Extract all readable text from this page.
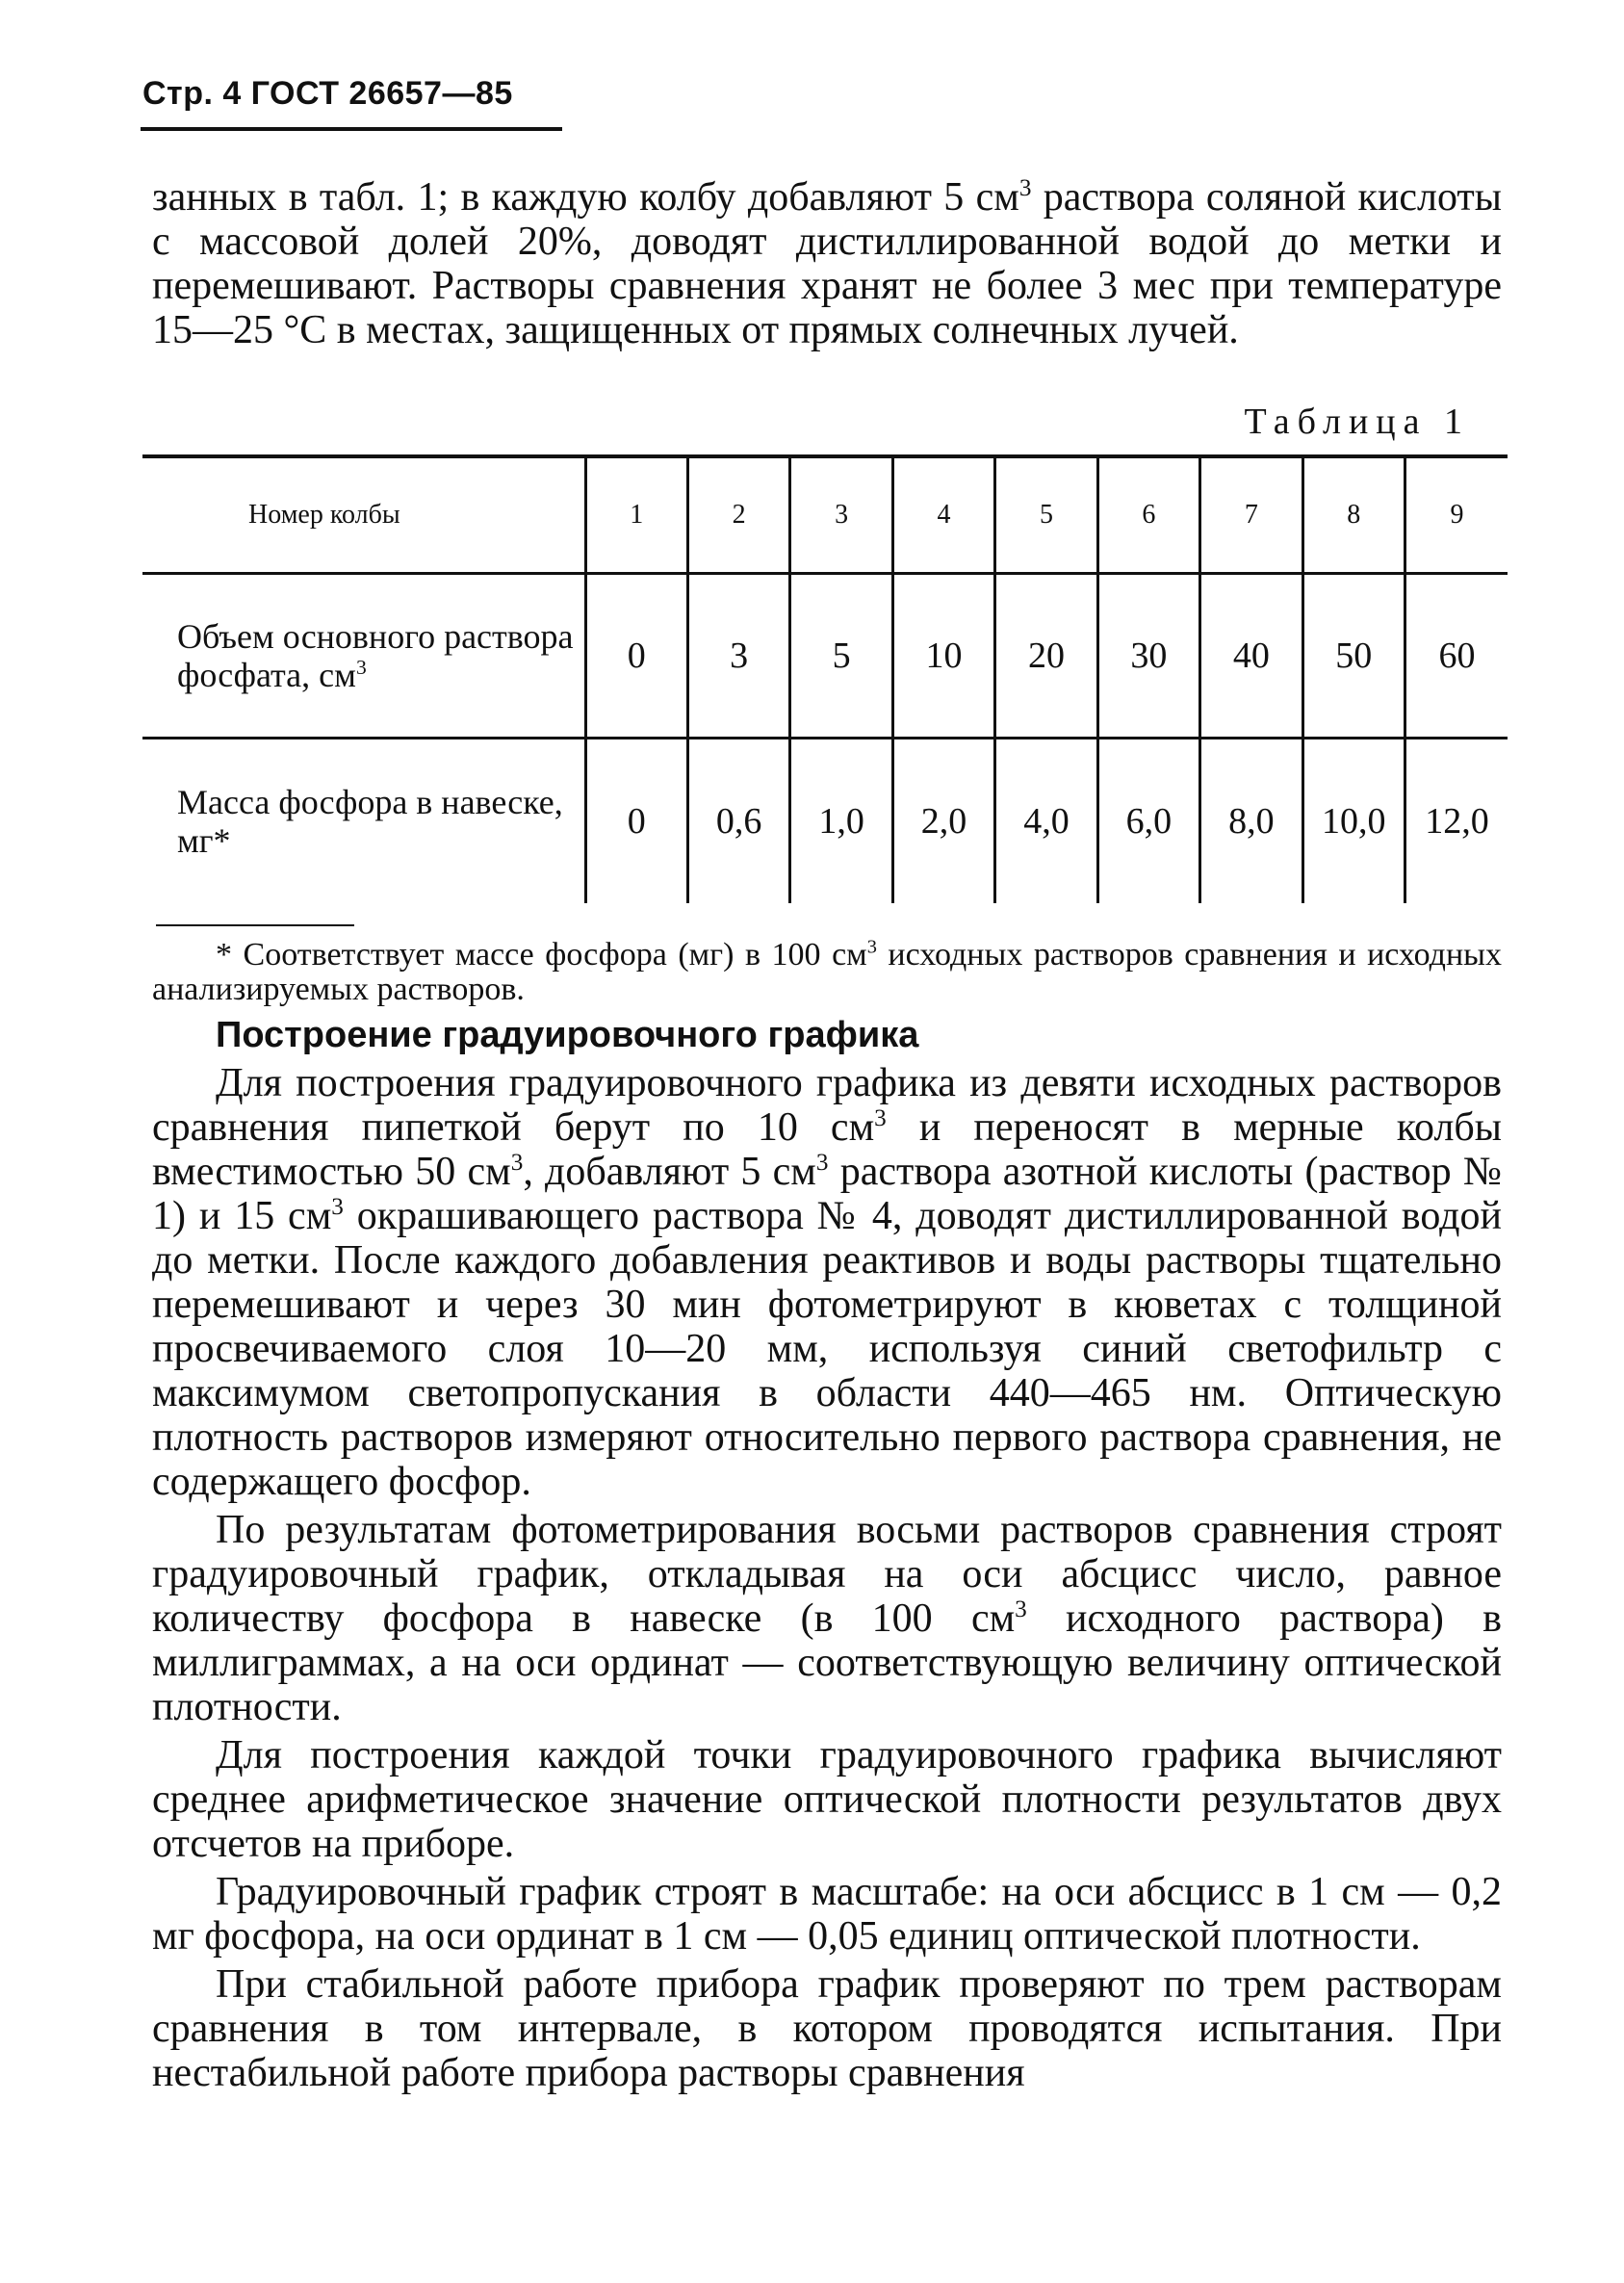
Стр. 4 ГОСТ 26657—85

занных в табл. 1; в каждую колбу добавляют 5 $см^3$ раствора соляной кислоты с массовой долей 20%, доводят дистиллированной водой до метки и перемешивают. Растворы сравнения хранят не более 3 мес при температуре 15—25 °С в местах, защищенных от прямых солнечных лучей.

Таблица 1
Номер колбы	1	2	3	4	5	6	7	8	9
Объем основного раствора фосфата, $см^3$	0	3	5	10	20	30	40	50	60
Масса фосфора в навеске, мг*	0	0,6	1,0	2,0	4,0	6,0	8,0	10,0	12,0
* Соответствует массе фосфора (мг) в 100 $см^3$ исходных растворов сравнения и исходных анализируемых растворов.
Построение градуировочного графика

Для построения градуировочного графика из девяти исходных растворов сравнения пипеткой берут по 10 $см^3$ и переносят в мерные колбы вместимостью 50 $см^3$, добавляют 5 $см^3$ раствора азотной кислоты (раствор № 1) и 15 $см^3$ окрашивающего раствора № 4, доводят дистиллированной водой до метки. После каждого добавления реактивов и воды растворы тщательно перемешивают и через 30 мин фотометрируют в кюветах с толщиной просвечиваемого слоя 10—20 мм, используя синий светофильтр с максимумом светопропускания в области 440—465 нм. Оптическую плотность растворов измеряют относительно первого раствора сравнения, не содержащего фосфор.

По результатам фотометрирования восьми растворов сравнения строят градуировочный график, откладывая на оси абсцисс число, равное количеству фосфора в навеске (в 100 $см^3$ исходного раствора) в миллиграммах, а на оси ординат — соответствующую величину оптической плотности.

Для построения каждой точки градуировочного графика вычисляют среднее арифметическое значение оптической плотности результатов двух отсчетов на приборе.

Градуировочный график строят в масштабе: на оси абсцисс в 1 см — 0,2 мг фосфора, на оси ординат в 1 см — 0,05 единиц оптической плотности.

При стабильной работе прибора график проверяют по трем растворам сравнения в том интервале, в котором проводятся испытания. При нестабильной работе прибора растворы сравнения
